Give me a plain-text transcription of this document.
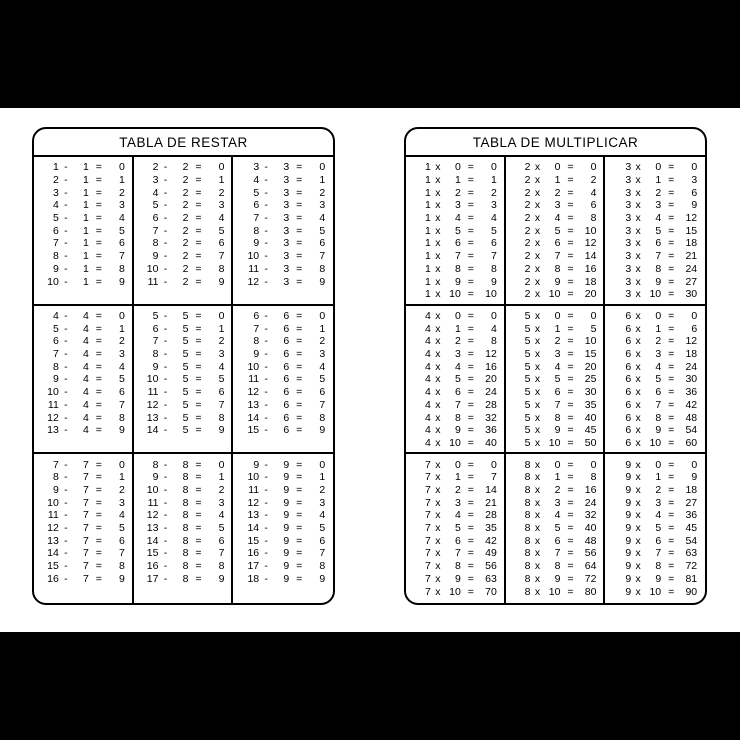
TABLA DE RESTAR
1 -	1 =	0
2 -	1 =	1
3 -	1 =	2
4 -	1 =	3
5 -	1 =	4
6 -	1 =	5
7 -	1 =	6
8 -	1 =	7
9 -	1 =	8
10 -	1 =	9
2 -	2 =	0
3 -	2 =	1
4 -	2 =	2
5 -	2 =	3
6 -	2 =	4
7 -	2 =	5
8 -	2 =	6
9 -	2 =	7
10 -	2 =	8
11 -	2 =	9
3 -	3 =	0
4 -	3 =	1
5 -	3 =	2
6 -	3 =	3
7 -	3 =	4
8 -	3 =	5
9 -	3 =	6
10 -	3 =	7
11 -	3 =	8
12 -	3 =	9
4 -	4 =	0
5 -	4 =	1
6 -	4 =	2
7 -	4 =	3
8 -	4 =	4
9 -	4 =	5
10 -	4 =	6
11 -	4 =	7
12 -	4 =	8
13 -	4 =	9
5 -	5 =	0
6 -	5 =	1
7 -	5 =	2
8 -	5 =	3
9 -	5 =	4
10 -	5 =	5
11 -	5 =	6
12 -	5 =	7
13 -	5 =	8
14 -	5 =	9
6 -	6 =	0
7 -	6 =	1
8 -	6 =	2
9 -	6 =	3
10 -	6 =	4
11 -	6 =	5
12 -	6 =	6
13 -	6 =	7
14 -	6 =	8
15 -	6 =	9
7 -	7 =	0
8 -	7 =	1
9 -	7 =	2
10 -	7 =	3
11 -	7 =	4
12 -	7 =	5
13 -	7 =	6
14 -	7 =	7
15 -	7 =	8
16 -	7 =	9
8 -	8 =	0
9 -	8 =	1
10 -	8 =	2
11 -	8 =	3
12 -	8 =	4
13 -	8 =	5
14 -	8 =	6
15 -	8 =	7
16 -	8 =	8
17 -	8 =	9
9 -	9 =	0
10 -	9 =	1
11 -	9 =	2
12 -	9 =	3
13 -	9 =	4
14 -	9 =	5
15 -	9 =	6
16 -	9 =	7
17 -	9 =	8
18 -	9 =	9
TABLA DE MULTIPLICAR
1 x	0 =	0
1 x	1 =	1
1 x	2 =	2
1 x	3 =	3
1 x	4 =	4
1 x	5 =	5
1 x	6 =	6
1 x	7 =	7
1 x	8 =	8
1 x	9 =	9
1 x 10 =	10
2 x	0 =	0
2 x	1 =	2
2 x	2 =	4
2 x	3 =	6
2 x	4 =	8
2 x	5 =	10
2 x	6 =	12
2 x	7 =	14
2 x	8 =	16
2 x	9 =	18
2 x 10 =	20
3 x	0 =	0
3 x	1 =	3
3 x	2 =	6
3 x	3 =	9
3 x	4 =	12
3 x	5 =	15
3 x	6 =	18
3 x	7 =	21
3 x	8 =	24
3 x	9 =	27
3 x 10 =	30
4 x	0 =	0
4 x	1 =	4
4 x	2 =	8
4 x	3 =	12
4 x	4 =	16
4 x	5 =	20
4 x	6 =	24
4 x	7 =	28
4 x	8 =	32
4 x	9 =	36
4 x 10 =	40
5 x	0 =	0
5 x	1 =	5
5 x	2 =	10
5 x	3 =	15
5 x	4 =	20
5 x	5 =	25
5 x	6 =	30
5 x	7 =	35
5 x	8 =	40
5 x	9 =	45
5 x 10 =	50
6 x	0 =	0
6 x	1 =	6
6 x	2 =	12
6 x	3 =	18
6 x	4 =	24
6 x	5 =	30
6 x	6 =	36
6 x	7 =	42
6 x	8 =	48
6 x	9 =	54
6 x 10 =	60
7 x	0 =	0
7 x	1 =	7
7 x	2 =	14
7 x	3 =	21
7 x	4 =	28
7 x	5 =	35
7 x	6 =	42
7 x	7 =	49
7 x	8 =	56
7 x	9 =	63
7 x 10 =	70
8 x	0 =	0
8 x	1 =	8
8 x	2 =	16
8 x	3 =	24
8 x	4 =	32
8 x	5 =	40
8 x	6 =	48
8 x	7 =	56
8 x	8 =	64
8 x	9 =	72
8 x 10 =	80
9 x	0 =	0
9 x	1 =	9
9 x	2 =	18
9 x	3 =	27
9 x	4 =	36
9 x	5 =	45
9 x	6 =	54
9 x	7 =	63
9 x	8 =	72
9 x	9 =	81
9 x 10 =	90
